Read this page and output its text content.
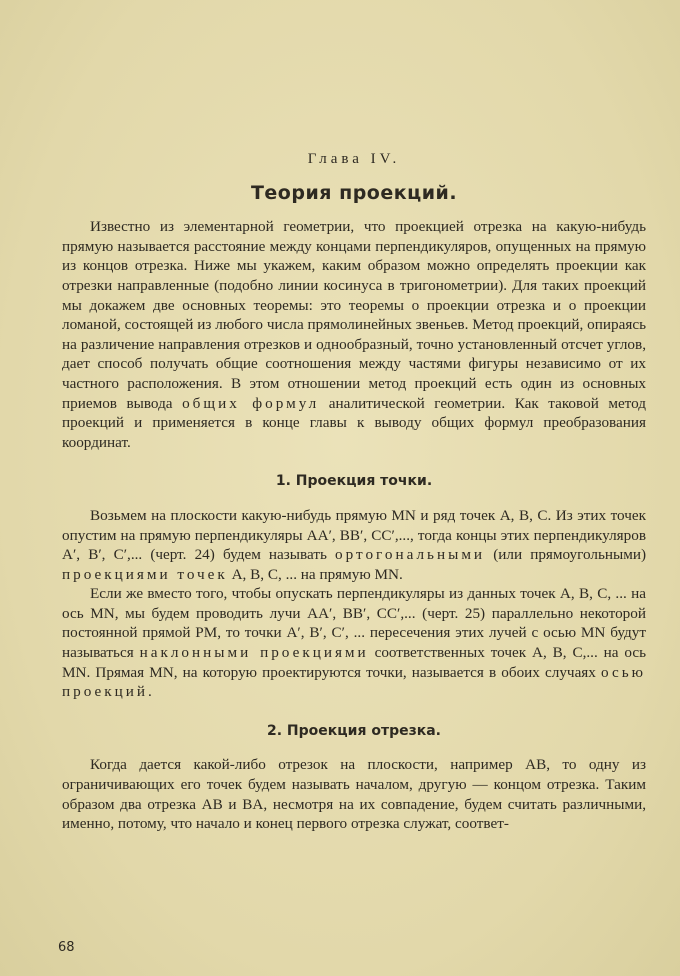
Глава IV.
Теория проекций.

Известно из элементарной геометрии, что проекцией отрезка на какую-нибудь прямую называется расстояние между концами перпендикуляров, опущенных на прямую из концов отрезка. Ниже мы укажем, каким образом можно определять проекции как отрезки направленные (подобно линии косинуса в тригонометрии). Для таких проекций мы докажем две основных теоремы: это теоремы о проекции отрезка и о проекции ломаной, состоящей из любого числа прямолинейных звеньев. Метод проекций, опираясь на различение направления отрезков и однообразный, точно установленный отсчет углов, дает способ получать общие соотношения между частями фигуры независимо от их частного расположения. В этом отношении метод проекций есть один из основных приемов вывода общих формул аналитической геометрии. Как таковой метод проекций и применяется в конце главы к выводу общих формул преобразования координат.

1. Проекция точки.

Возьмем на плоскости какую-нибудь прямую MN и ряд точек A, B, C. Из этих точек опустим на прямую перпендикуляры AA′, BB′, CC′,..., тогда концы этих перпендикуляров A′, B′, C′,... (черт. 24) будем называть ортогональными (или прямоугольными) проекциями точек A, B, C, ... на прямую MN.

Если же вместо того, чтобы опускать перпендикуляры из данных точек A, B, C, ... на ось MN, мы будем проводить лучи AA′, BB′, CC′,... (черт. 25) параллельно некоторой постоянной прямой PM, то точки A′, B′, C′, ... пересечения этих лучей с осью MN будут называться наклонными проекциями соответственных точек A, B, C,... на ось MN. Прямая MN, на которую проектируются точки, называется в обоих случаях осью проекций.

2. Проекция отрезка.

Когда дается какой-либо отрезок на плоскости, например AB, то одну из ограничивающих его точек будем называть началом, другую — концом отрезка. Таким образом два отрезка AB и BA, несмотря на их совпадение, будем считать различными, именно, потому, что начало и конец первого отрезка служат, соответ-

68
